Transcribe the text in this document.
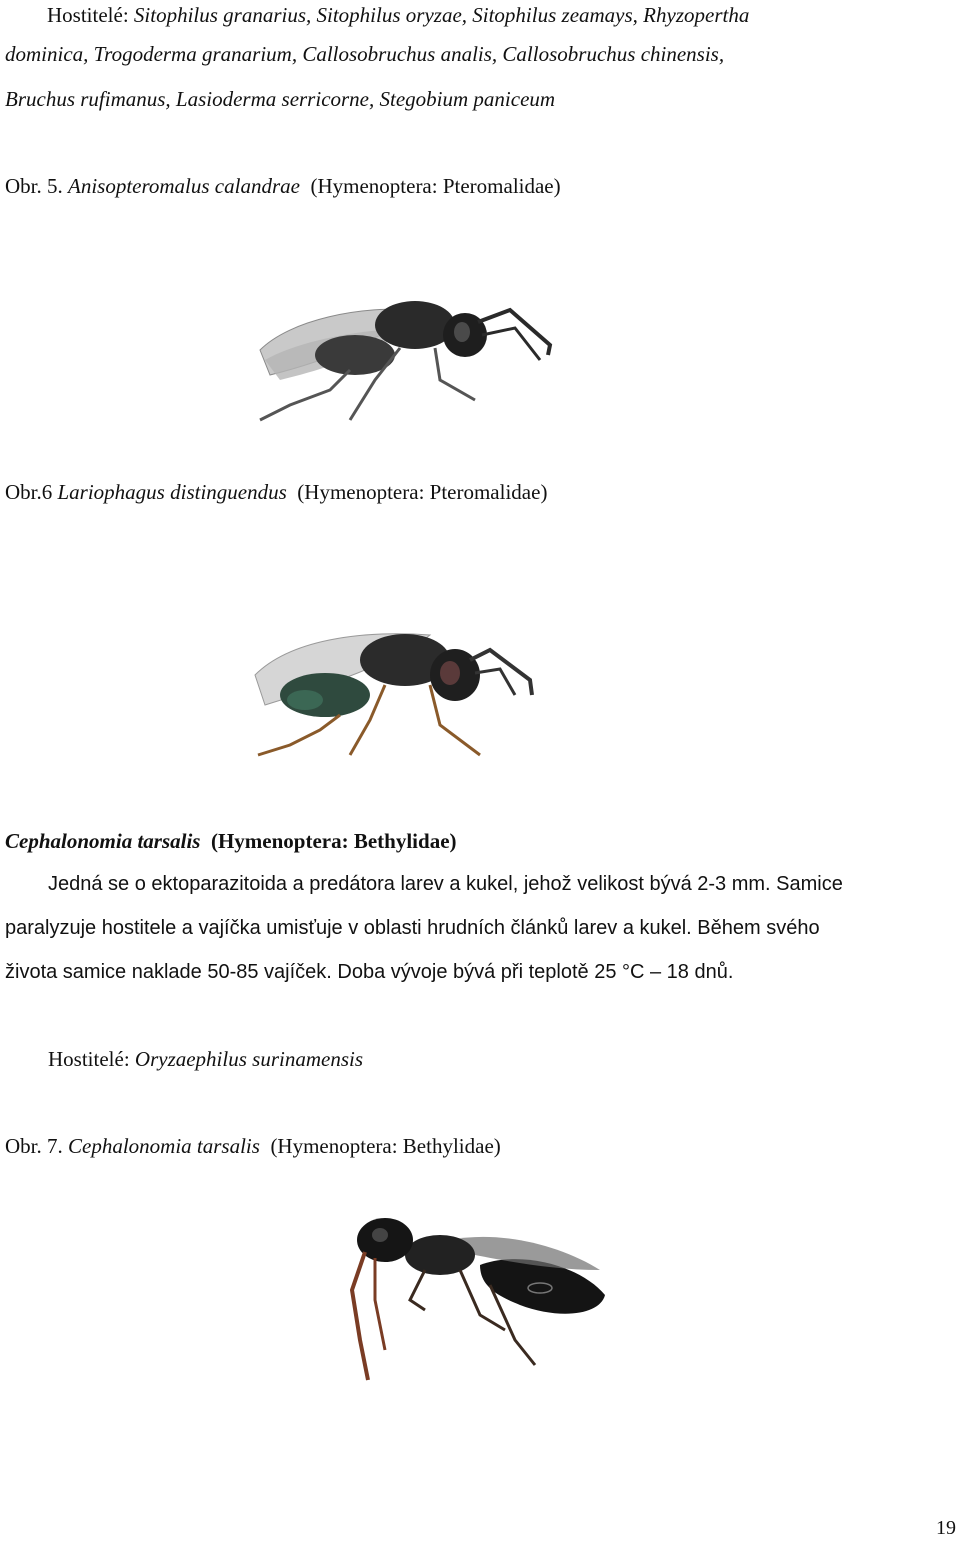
Hostitelé: Sitophilus granarius, Sitophilus oryzae, Sitophilus zeamays, Rhyzopertha
dominica, Trogoderma granarium, Callosobruchus analis, Callosobruchus chinensis,
Bruchus rufimanus, Lasioderma serricorne, Stegobium paniceum
Obr. 5. Anisopteromalus calandrae (Hymenoptera: Pteromalidae)
Obr.6 Lariophagus distinguendus (Hymenoptera: Pteromalidae)
Cephalonomia tarsalis (Hymenoptera: Bethylidae)
Jedná se o ektoparazitoida a predátora larev a kukel, jehož velikost bývá 2-3 mm. Samice
paralyzuje hostitele a vajíčka umisťuje v oblasti hrudních článků larev a kukel. Během svého
života samice naklade 50-85 vajíček. Doba vývoje bývá při teplotě 25 °C – 18 dnů.
Hostitelé: Oryzaephilus surinamensis
Obr. 7. Cephalonomia tarsalis (Hymenoptera: Bethylidae)
19
